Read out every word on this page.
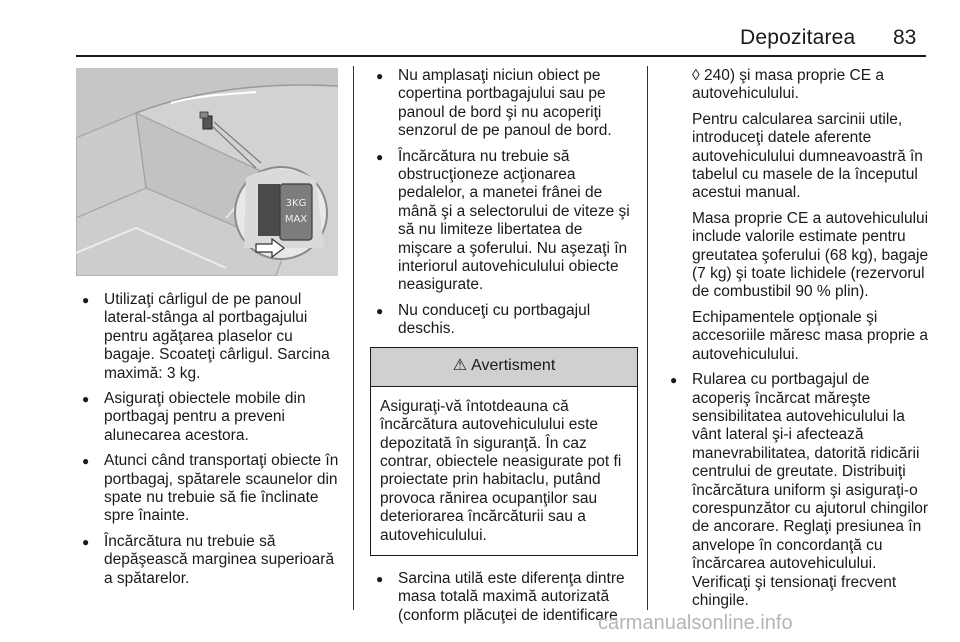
Depozitarea 83
3KG
MAX
● Utilizaţi cârligul de pe panoul lateral-stânga al portbagajului pentru agăţarea plaselor cu bagaje. Scoateţi cârligul. Sarcina maximă: 3 kg.
● Asiguraţi obiectele mobile din portbagaj pentru a preveni alunecarea acestora.
● Atunci când transportaţi obiecte în portbagaj, spătarele scaunelor din spate nu trebuie să fie înclinate spre înainte.
● Încărcătura nu trebuie să depăşească marginea superioară a spătarelor.
● Nu amplasaţi niciun obiect pe copertina portbagajului sau pe panoul de bord şi nu acoperiţi senzorul de pe panoul de bord.
● Încărcătura nu trebuie să obstrucţioneze acţionarea pedalelor, a manetei frânei de mână şi a selectorului de viteze şi să nu limiteze libertatea de mişcare a şoferului. Nu aşezaţi în interiorul autovehiculului obiecte neasigurate.
● Nu conduceţi cu portbagajul deschis.
⚠ Avertisment
Asiguraţi-vă întotdeauna că încărcătura autovehiculului este depozitată în siguranţă. În caz contrar, obiectele neasigurate pot fi proiectate prin habitaclu, putând provoca rănirea ocupanţilor sau deteriorarea încărcăturii sau a autovehiculului.
● Sarcina utilă este diferenţa dintre masa totală maximă autorizată (conform plăcuţei de identificare

◊ 240) şi masa proprie CE a autovehiculului.

Pentru calcularea sarcinii utile, introduceţi datele aferente autovehiculului dumneavoastră în tabelul cu masele de la începutul acestui manual.

Masa proprie CE a autovehiculului include valorile estimate pentru greutatea şoferului (68 kg), bagaje (7 kg) şi toate lichidele (rezervorul de combustibil 90 % plin).

Echipamentele opţionale şi accesoriile măresc masa proprie a autovehiculului.

● Rularea cu portbagajul de acoperiş încărcat măreşte sensibilitatea autovehiculului la vânt lateral şi-i afectează manevrabilitatea, datorită ridicării centrului de greutate. Distribuiţi încărcătura uniform şi asiguraţi-o corespunzător cu ajutorul chingilor de ancorare. Reglaţi presiunea în anvelope în concordanţă cu încărcarea autovehiculului. Verificaţi şi tensionaţi frecvent chingile.
carmanualsonline.info
